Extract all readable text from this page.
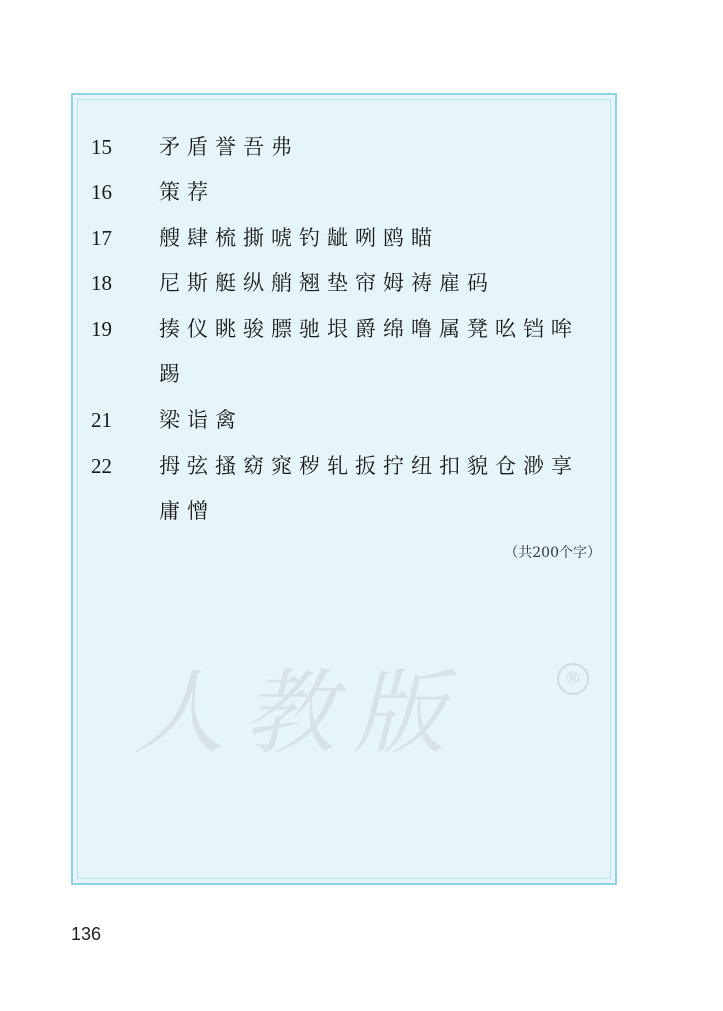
15	矛盾誉吾弗
16	策荐
17	艘肆梳撕唬钓龇咧鸥瞄
18	尼斯艇纵艄翘垫帘姆祷雇码
19	揍仪眺骏膘驰垠爵绵噜属凳吆铛哞
踢
21	梁诣禽
22	拇弦搔窈窕秽轧扳拧纽扣貌仓渺享
庸憎
（共200个字）
人教版	®
136
